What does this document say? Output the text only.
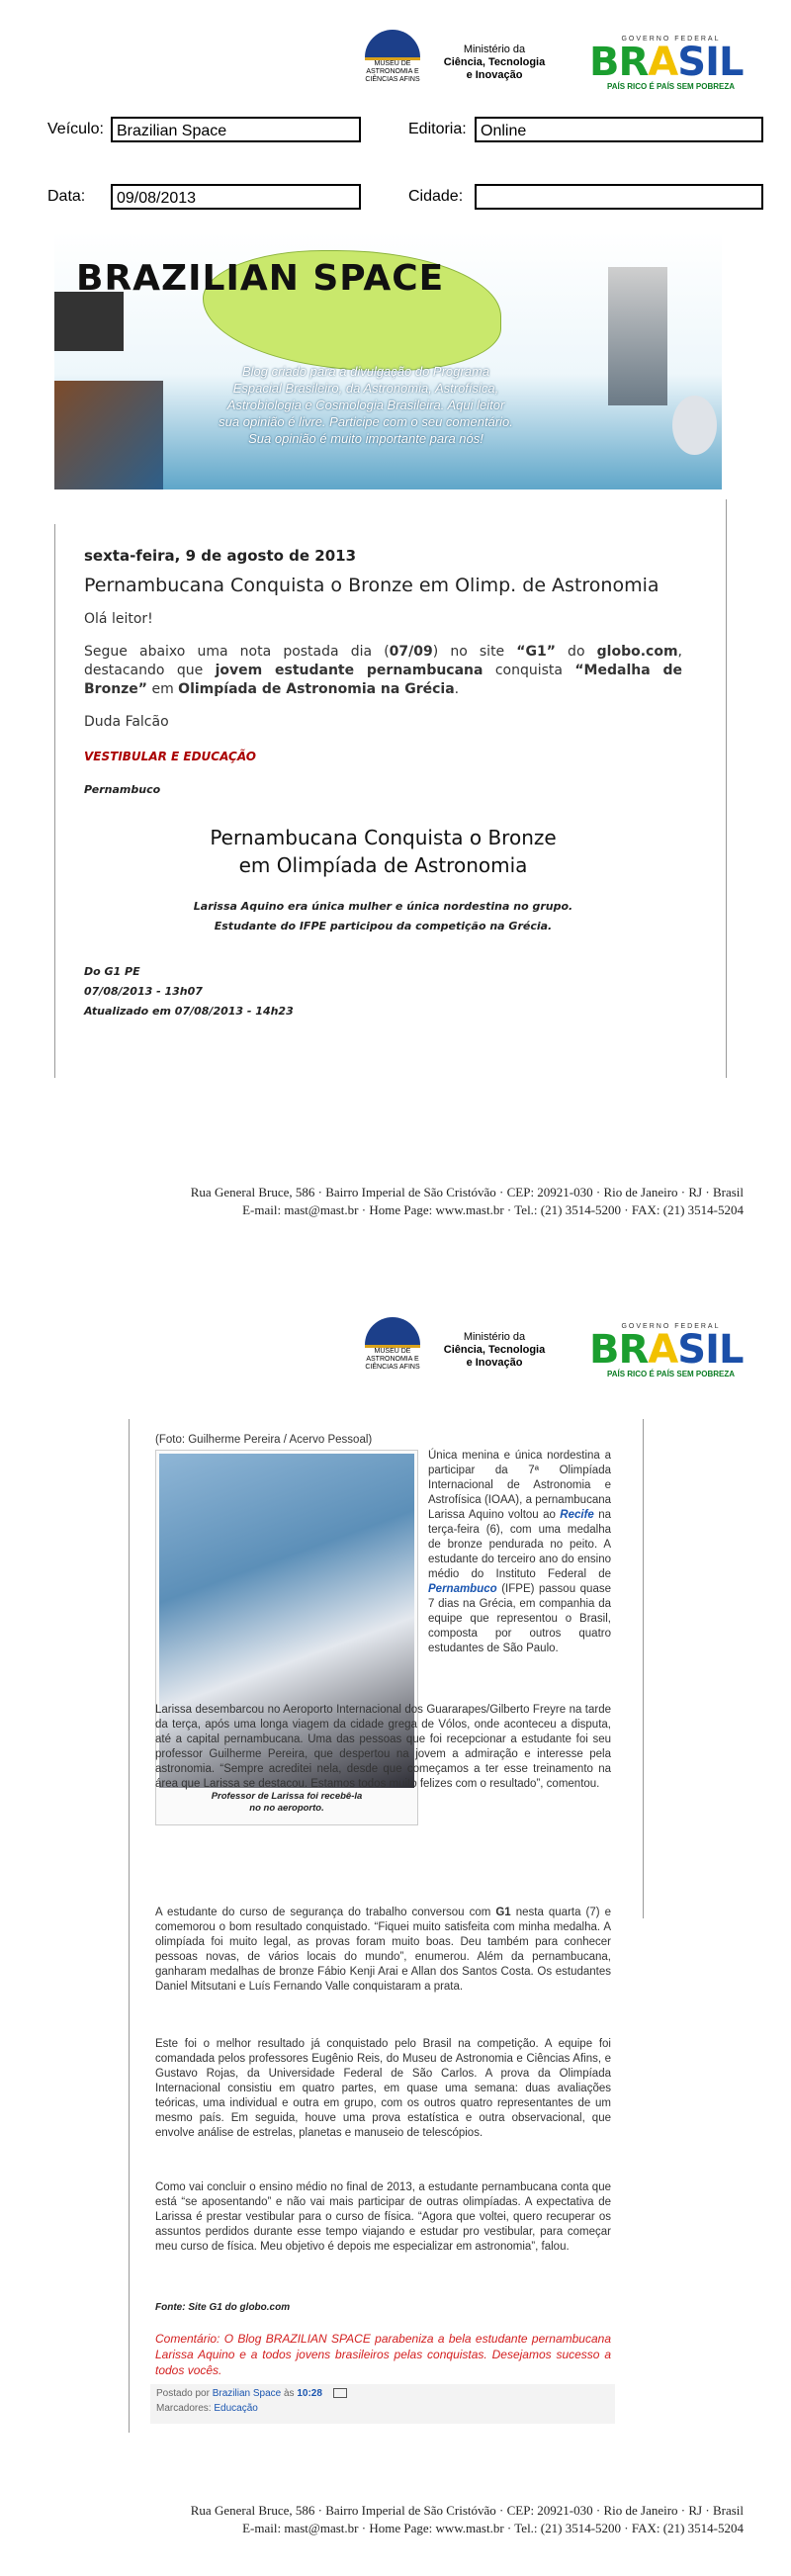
MUSEU DE ASTRONOMIA E CIÊNCIAS AFINS
Ministério da
Ciência, Tecnologia
e Inovação
GOVERNO FEDERAL
BRASIL
PAÍS RICO É PAÍS SEM POBREZA
Veículo: Brazilian Space	Editoria: Online
Data:	09/08/2013	Cidade:
BRAZILIAN SPACE
Blog criado para a divulgação do Programa Espacial Brasileiro, da Astronomia, Astrofísica, Astrobiologia e Cosmologia Brasileira. Aqui leitor sua opinião é livre. Participe com o seu comentário. Sua opinião é muito importante para nós!
sexta-feira, 9 de agosto de 2013
Pernambucana Conquista o Bronze em Olimp. de Astronomia

Olá leitor!

Segue abaixo uma nota postada dia (07/09) no site “G1” do globo.com, destacando que jovem estudante pernambucana conquista “Medalha de Bronze” em Olimpíada de Astronomia na Grécia.

Duda Falcão

VESTIBULAR E EDUCAÇÃO
Pernambuco
Pernambucana Conquista o Bronze
em Olimpíada de Astronomia
Larissa Aquino era única mulher e única nordestina no grupo.
Estudante do IFPE participou da competição na Grécia.
Do G1 PE
07/08/2013 - 13h07
Atualizado em 07/08/2013 - 14h23
Rua General Bruce, 586 · Bairro Imperial de São Cristóvão · CEP: 20921-030 · Rio de Janeiro · RJ · Brasil
E-mail: mast@mast.br · Home Page: www.mast.br · Tel.: (21) 3514-5200 · FAX: (21) 3514-5204
MUSEU DE ASTRONOMIA E CIÊNCIAS AFINS
Ministério da
Ciência, Tecnologia
e Inovação
GOVERNO FEDERAL
BRASIL
PAÍS RICO É PAÍS SEM POBREZA
(Foto: Guilherme Pereira / Acervo Pessoal)
Professor de Larissa foi recebê-la
no no aeroporto.
Única menina e única nordestina a participar da 7ª Olimpíada Internacional de Astronomia e Astrofísica (IOAA), a pernambucana Larissa Aquino voltou ao Recife na terça-feira (6), com uma medalha de bronze pendurada no peito. A estudante do terceiro ano do ensino médio do Instituto Federal de Pernambuco (IFPE) passou quase 7 dias na Grécia, em companhia da equipe que representou o Brasil, composta por outros quatro estudantes de São Paulo.
Larissa desembarcou no Aeroporto Internacional dos Guararapes/Gilberto Freyre na tarde da terça, após uma longa viagem da cidade grega de Vólos, onde aconteceu a disputa, até a capital pernambucana. Uma das pessoas que foi recepcionar a estudante foi seu professor Guilherme Pereira, que despertou na jovem a admiração e interesse pela astronomia. “Sempre acreditei nela, desde que começamos a ter esse treinamento na área que Larissa se destacou. Estamos todos muito felizes com o resultado”, comentou.
A estudante do curso de segurança do trabalho conversou com G1 nesta quarta (7) e comemorou o bom resultado conquistado. “Fiquei muito satisfeita com minha medalha. A olimpíada foi muito legal, as provas foram muito boas. Deu também para conhecer pessoas novas, de vários locais do mundo”, enumerou. Além da pernambucana, ganharam medalhas de bronze Fábio Kenji Arai e Allan dos Santos Costa. Os estudantes Daniel Mitsutani e Luís Fernando Valle conquistaram a prata.
Este foi o melhor resultado já conquistado pelo Brasil na competição. A equipe foi comandada pelos professores Eugênio Reis, do Museu de Astronomia e Ciências Afins, e Gustavo Rojas, da Universidade Federal de São Carlos. A prova da Olimpíada Internacional consistiu em quatro partes, em quase uma semana: duas avaliações teóricas, uma individual e outra em grupo, com os outros quatro representantes de um mesmo país. Em seguida, houve uma prova estatística e outra observacional, que envolve análise de estrelas, planetas e manuseio de telescópios.
Como vai concluir o ensino médio no final de 2013, a estudante pernambucana conta que está “se aposentando” e não vai mais participar de outras olimpíadas. A expectativa de Larissa é prestar vestibular para o curso de física. “Agora que voltei, quero recuperar os assuntos perdidos durante esse tempo viajando e estudar pro vestibular, para começar meu curso de física. Meu objetivo é depois me especializar em astronomia”, falou.
Fonte: Site G1 do globo.com
Comentário: O Blog BRAZILIAN SPACE parabeniza a bela estudante pernambucana Larissa Aquino e a todos jovens brasileiros pelas conquistas. Desejamos sucesso a todos vocês.
Postado por Brazilian Space às 10:28
Marcadores: Educação
Rua General Bruce, 586 · Bairro Imperial de São Cristóvão · CEP: 20921-030 · Rio de Janeiro · RJ · Brasil
E-mail: mast@mast.br · Home Page: www.mast.br · Tel.: (21) 3514-5200 · FAX: (21) 3514-5204
